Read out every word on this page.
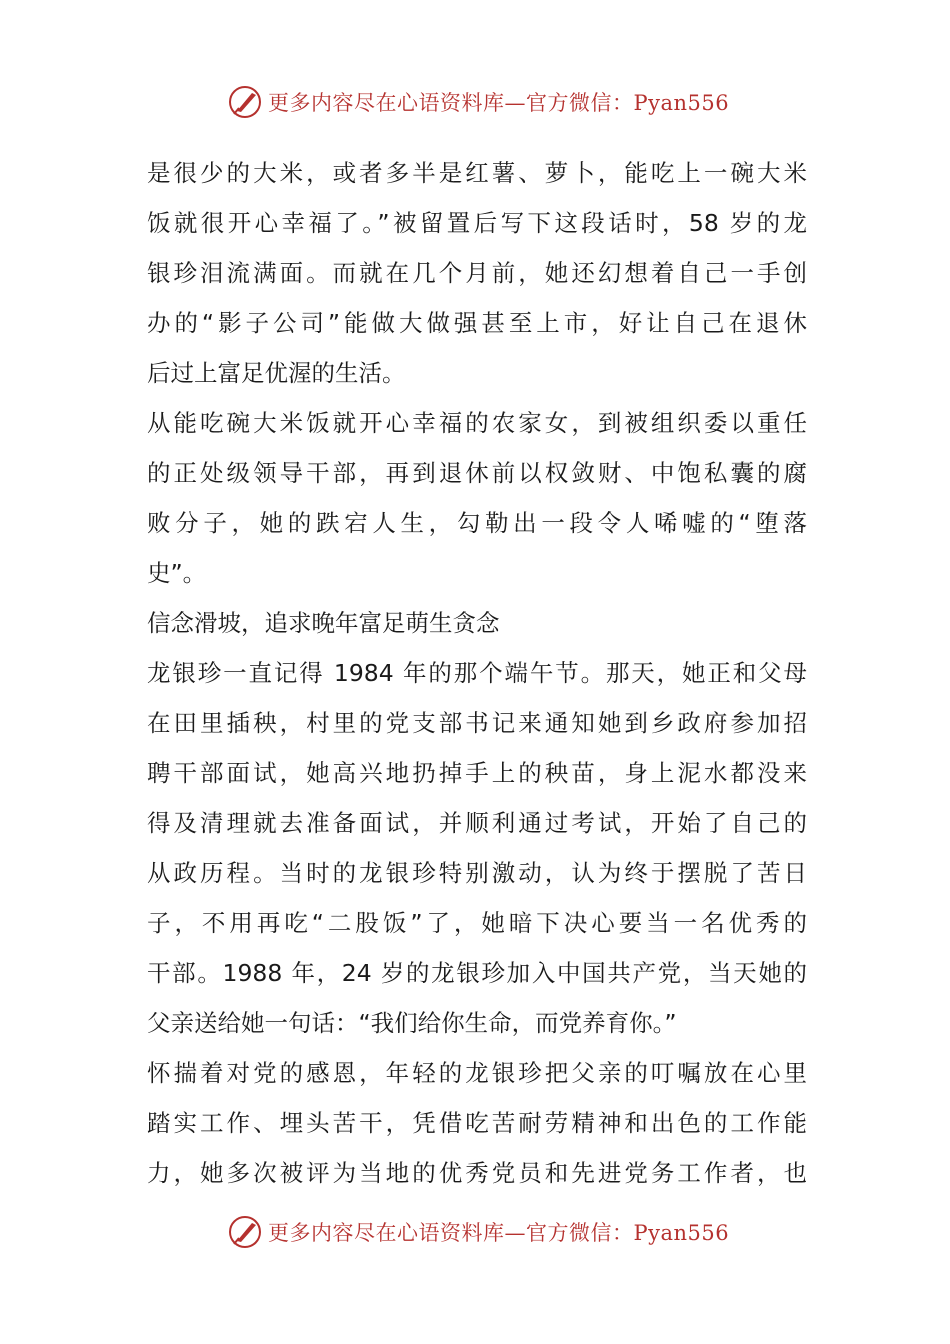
更多内容尽在心语资料库—官方微信：Pyan556
是很少的大米，或者多半是红薯、萝卜，能吃上一碗大米
饭就很开心幸福了。”被留置后写下这段话时，58 岁的龙
银珍泪流满面。而就在几个月前，她还幻想着自己一手创
办的“影子公司”能做大做强甚至上市，好让自己在退休
后过上富足优渥的生活。
从能吃碗大米饭就开心幸福的农家女，到被组织委以重任
的正处级领导干部，再到退休前以权敛财、中饱私囊的腐
败分子，她的跌宕人生，勾勒出一段令人唏嘘的“堕落
史”。
信念滑坡，追求晚年富足萌生贪念
龙银珍一直记得 1984 年的那个端午节。那天，她正和父母
在田里插秧，村里的党支部书记来通知她到乡政府参加招
聘干部面试，她高兴地扔掉手上的秧苗，身上泥水都没来
得及清理就去准备面试，并顺利通过考试，开始了自己的
从政历程。当时的龙银珍特别激动，认为终于摆脱了苦日
子，不用再吃“二股饭”了，她暗下决心要当一名优秀的
干部。1988 年，24 岁的龙银珍加入中国共产党，当天她的
父亲送给她一句话：“我们给你生命，而党养育你。”
怀揣着对党的感恩，年轻的龙银珍把父亲的叮嘱放在心里
踏实工作、埋头苦干，凭借吃苦耐劳精神和出色的工作能
力，她多次被评为当地的优秀党员和先进党务工作者，也
更多内容尽在心语资料库—官方微信：Pyan556
